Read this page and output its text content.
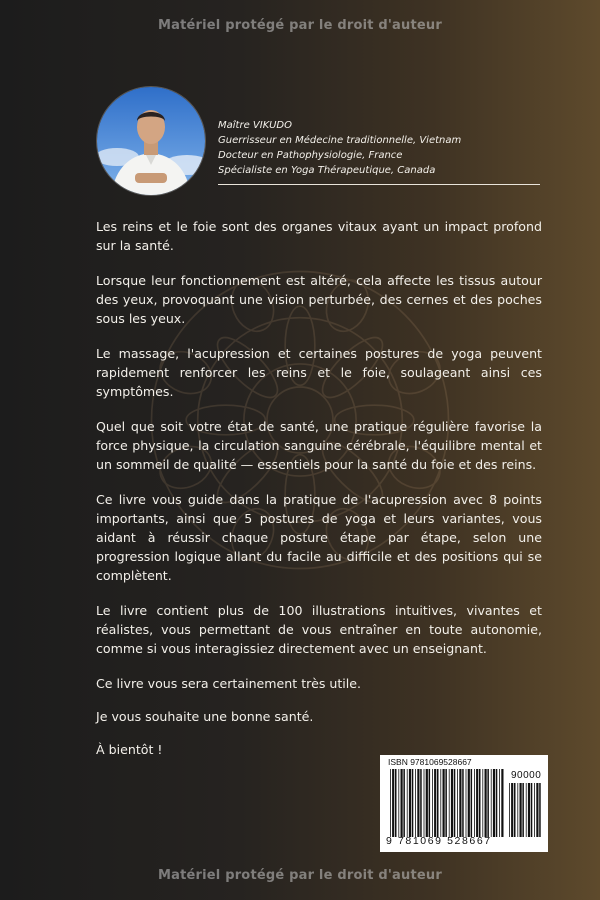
Matériel protégé par le droit d'auteur
Maître VIKUDO
Guerrisseur en Médecine traditionnelle, Vietnam
Docteur en Pathophysiologie, France
Spécialiste en Yoga Thérapeutique, Canada

Les reins et le foie sont des organes vitaux ayant un impact profond sur la santé.

Lorsque leur fonctionnement est altéré, cela affecte les tissus autour des yeux, provoquant une vision perturbée, des cernes et des poches sous les yeux.

Le massage, l'acupression et certaines postures de yoga peuvent rapidement renforcer les reins et le foie, soulageant ainsi ces symptômes.

Quel que soit votre état de santé, une pratique régulière favorise la force physique, la circulation sanguine cérébrale, l'équilibre mental et un sommeil de qualité — essentiels pour la santé du foie et des reins.

Ce livre vous guide dans la pratique de l'acupression avec 8 points importants, ainsi que 5 postures de yoga et leurs variantes, vous aidant à réussir chaque posture étape par étape, selon une progression logique allant du facile au difficile et des positions qui se complètent.

Le livre contient plus de 100 illustrations intuitives, vivantes et réalistes, vous permettant de vous entraîner en toute autonomie, comme si vous interagissiez directement avec un enseignant.

Ce livre vous sera certainement très utile.

Je vous souhaite une bonne santé.

À bientôt !

ISBN 9781069528667
90000
9 781069 528667
Matériel protégé par le droit d'auteur
